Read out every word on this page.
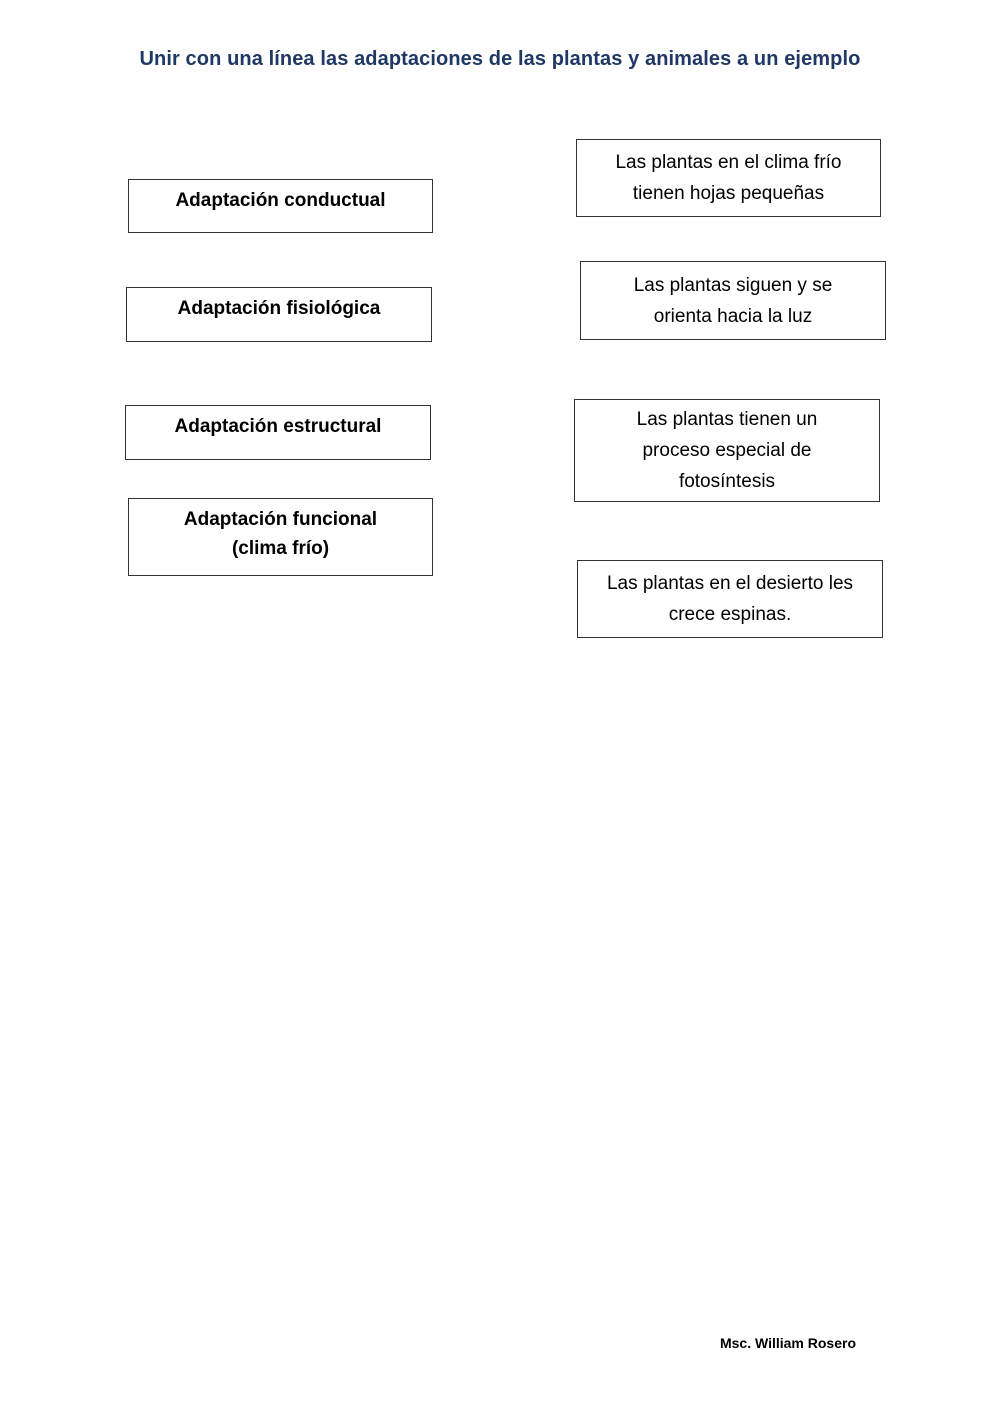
Unir con una línea las adaptaciones de las plantas y animales a un ejemplo
Adaptación conductual
Adaptación fisiológica
Adaptación estructural
Adaptación funcional
(clima frío)
Las plantas en el clima frío
tienen hojas pequeñas
Las plantas siguen y se
orienta hacia la luz
Las plantas tienen un
proceso especial de
fotosíntesis
Las plantas en el desierto les
crece espinas.
Msc. William Rosero
